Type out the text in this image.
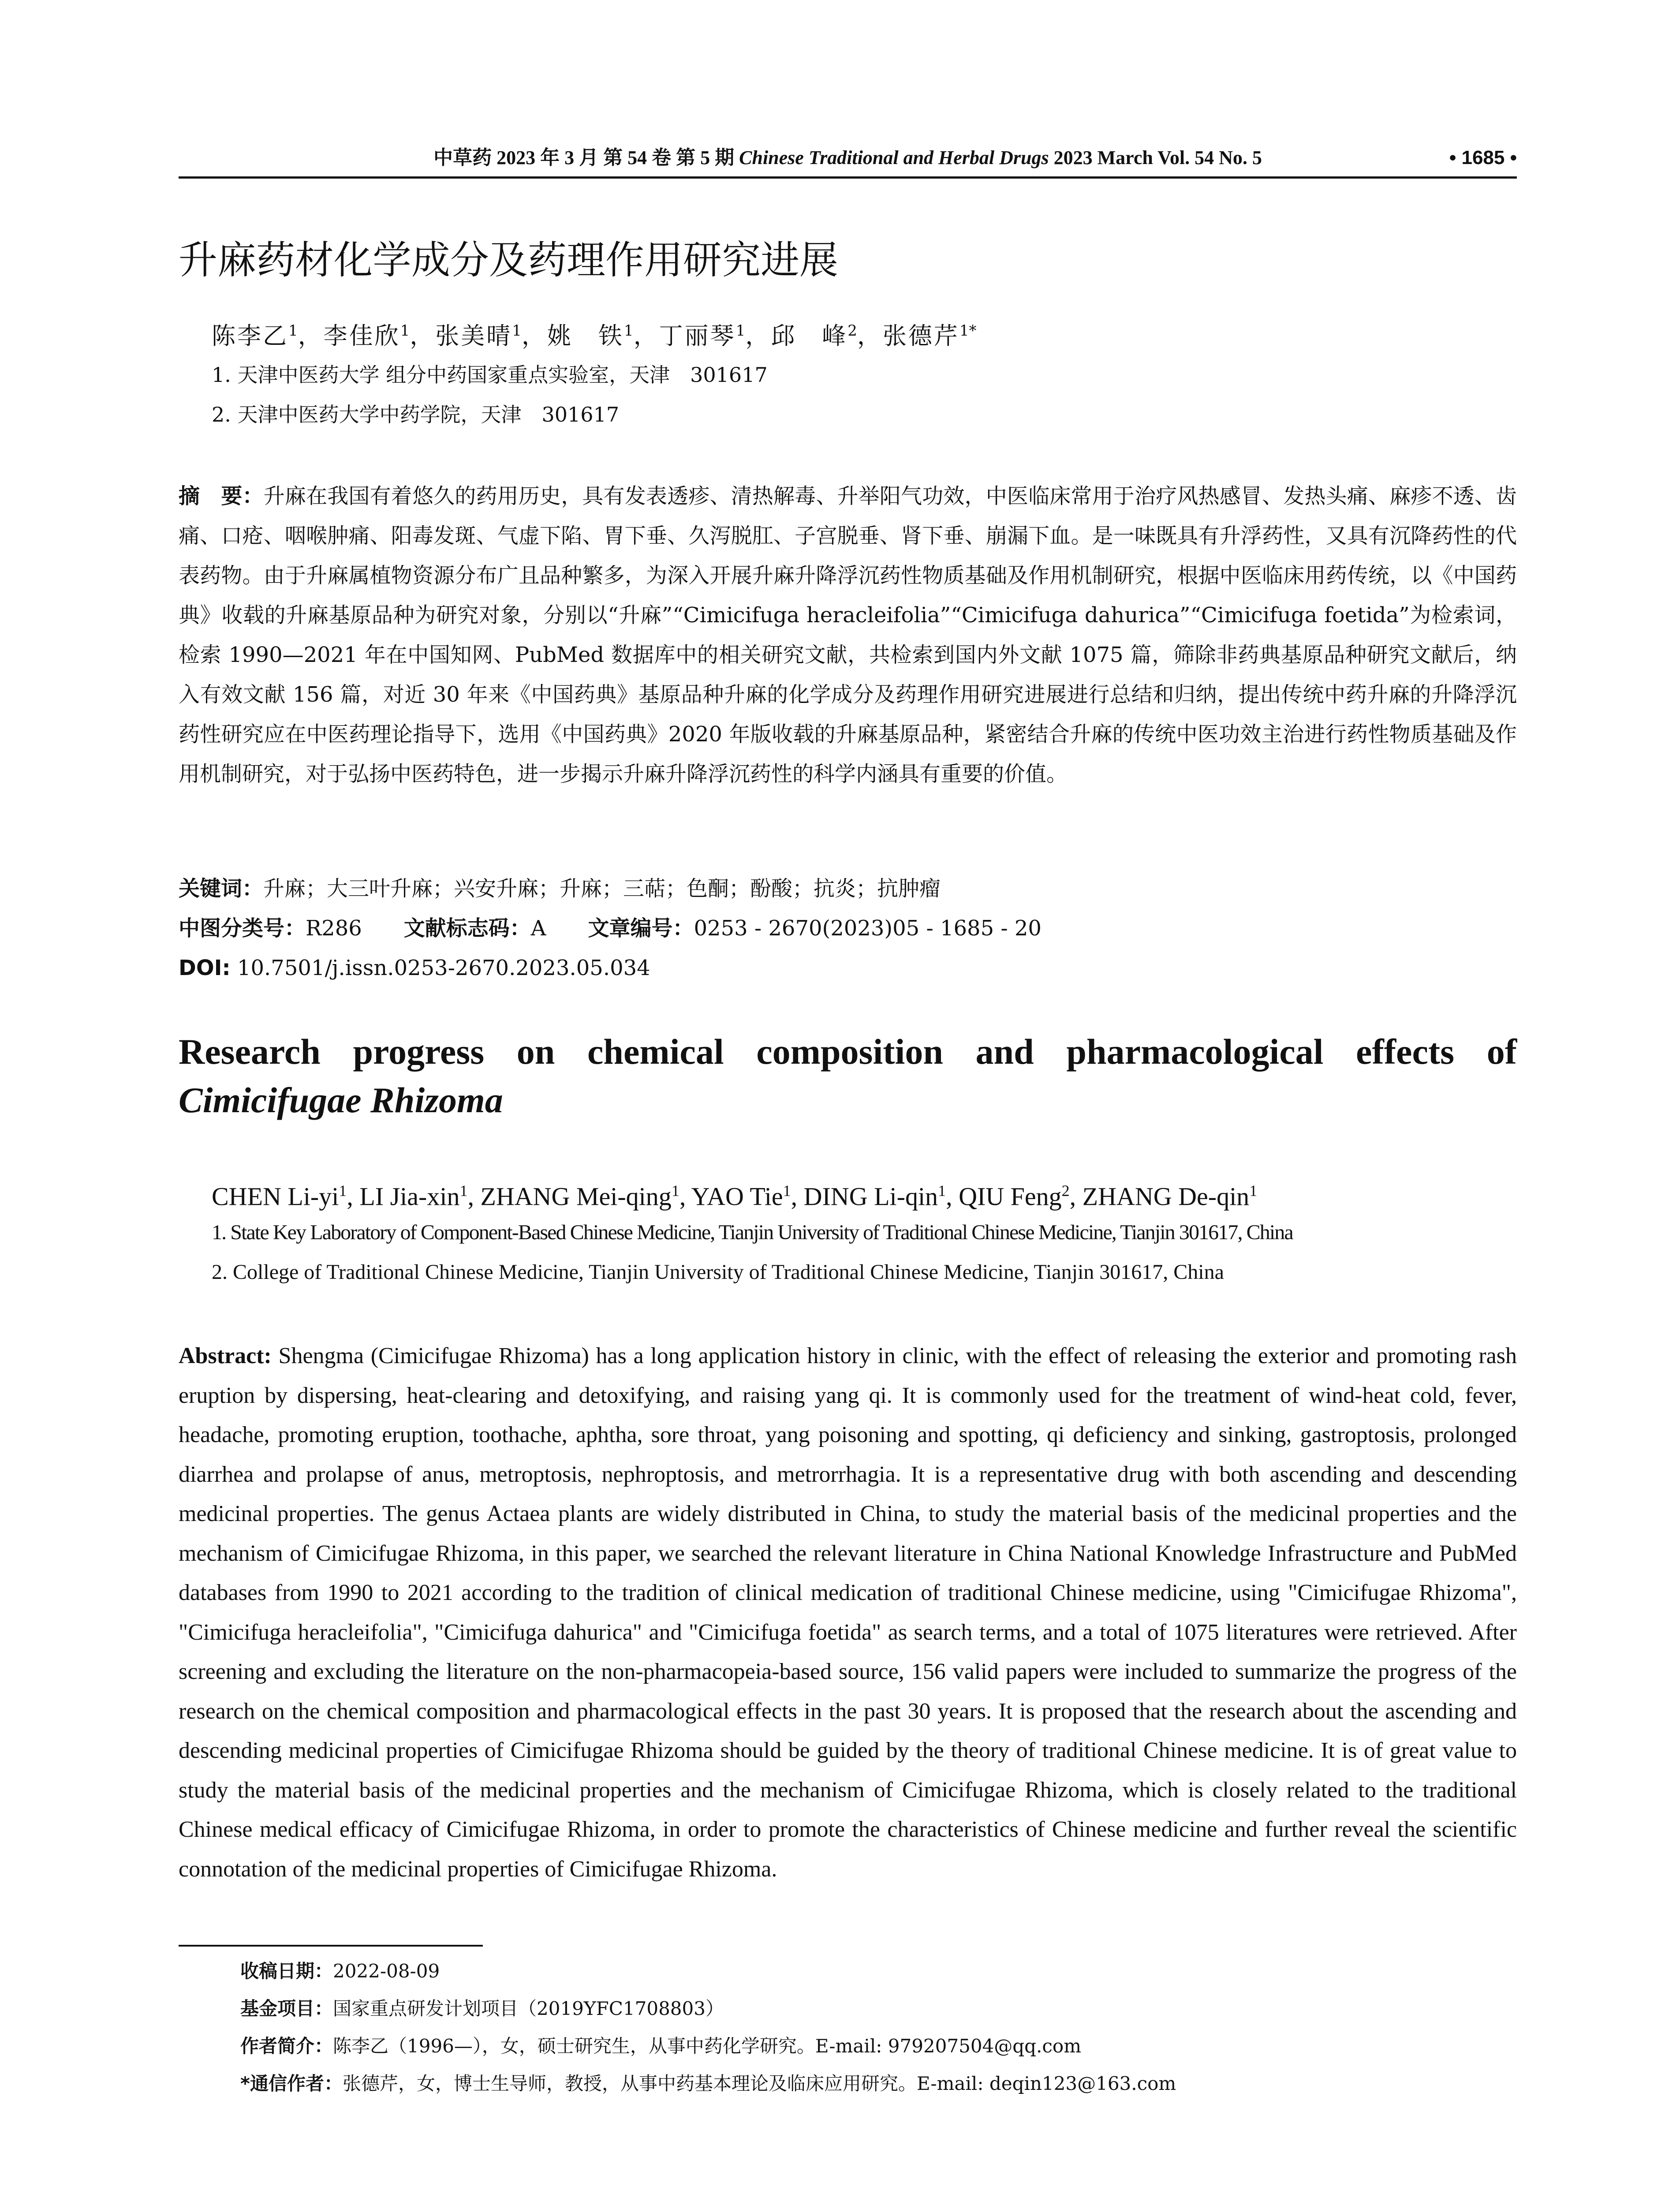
中草药 2023 年 3 月 第 54 卷 第 5 期 Chinese Traditional and Herbal Drugs 2023 March Vol. 54 No. 5	• 1685 •
升麻药材化学成分及药理作用研究进展
陈李乙$^1$，李佳欣$^1$，张美晴$^1$，姚　铁$^1$，丁丽琴$^1$，邱　峰$^2$，张德芹$^{1*}$
1. 天津中医药大学 组分中药国家重点实验室，天津　301617
2. 天津中医药大学中药学院，天津　301617
摘　要：升麻在我国有着悠久的药用历史，具有发表透疹、清热解毒、升举阳气功效，中医临床常用于治疗风热感冒、发热头痛、麻疹不透、齿痛、口疮、咽喉肿痛、阳毒发斑、气虚下陷、胃下垂、久泻脱肛、子宫脱垂、肾下垂、崩漏下血。是一味既具有升浮药性，又具有沉降药性的代表药物。由于升麻属植物资源分布广且品种繁多，为深入开展升麻升降浮沉药性物质基础及作用机制研究，根据中医临床用药传统，以《中国药典》收载的升麻基原品种为研究对象，分别以“升麻”“Cimicifuga heracleifolia”“Cimicifuga dahurica”“Cimicifuga foetida”为检索词，检索 1990—2021 年在中国知网、PubMed 数据库中的相关研究文献，共检索到国内外文献 1075 篇，筛除非药典基原品种研究文献后，纳入有效文献 156 篇，对近 30 年来《中国药典》基原品种升麻的化学成分及药理作用研究进展进行总结和归纳，提出传统中药升麻的升降浮沉药性研究应在中医药理论指导下，选用《中国药典》2020 年版收载的升麻基原品种，紧密结合升麻的传统中医功效主治进行药性物质基础及作用机制研究，对于弘扬中医药特色，进一步揭示升麻升降浮沉药性的科学内涵具有重要的价值。
关键词：升麻；大三叶升麻；兴安升麻；升麻；三萜；色酮；酚酸；抗炎；抗肿瘤
中图分类号：R286 文献标志码：A 文章编号：0253 - 2670(2023)05 - 1685 - 20
DOI: 10.7501/j.issn.0253-2670.2023.05.034
Research progress on chemical composition and pharmacological effects of
Cimicifugae Rhizoma
CHEN $Li-yi^1$, LI Jia-xin$^1$, ZHANG Mei-qing$^1$, YAO Tie$^1$, DING Li-qin$^1$, QIU Feng$^2$, ZHANG De-qin$^1$
1. State Key Laboratory of Component-Based Chinese Medicine, Tianjin University of Traditional Chinese Medicine, Tianjin 301617, China
2. College of Traditional Chinese Medicine, Tianjin University of Traditional Chinese Medicine, Tianjin 301617, China
Abstract: Shengma (Cimicifugae Rhizoma) has a long application history in clinic, with the effect of releasing the exterior and promoting rash eruption by dispersing, heat-clearing and detoxifying, and raising yang qi. It is commonly used for the treatment of wind-heat cold, fever, headache, promoting eruption, toothache, aphtha, sore throat, yang poisoning and spotting, qi deficiency and sinking, gastroptosis, prolonged diarrhea and prolapse of anus, metroptosis, nephroptosis, and metrorrhagia. It is a representative drug with both ascending and descending medicinal properties. The genus Actaea plants are widely distributed in China, to study the material basis of the medicinal properties and the mechanism of Cimicifugae Rhizoma, in this paper, we searched the relevant literature in China National Knowledge Infrastructure and PubMed databases from 1990 to 2021 according to the tradition of clinical medication of traditional Chinese medicine, using "Cimicifugae Rhizoma", "Cimicifuga heracleifolia", "Cimicifuga dahurica" and "Cimicifuga foetida" as search terms, and a total of 1075 literatures were retrieved. After screening and excluding the literature on the non-pharmacopeia-based source, 156 valid papers were included to summarize the progress of the research on the chemical composition and pharmacological effects in the past 30 years. It is proposed that the research about the ascending and descending medicinal properties of Cimicifugae Rhizoma should be guided by the theory of traditional Chinese medicine. It is of great value to study the material basis of the medicinal properties and the mechanism of Cimicifugae Rhizoma, which is closely related to the traditional Chinese medical efficacy of Cimicifugae Rhizoma, in order to promote the characteristics of Chinese medicine and further reveal the scientific connotation of the medicinal properties of Cimicifugae Rhizoma.
收稿日期：2022-08-09
基金项目：国家重点研发计划项目（2019YFC1708803）
作者简介：陈李乙（1996—），女，硕士研究生，从事中药化学研究。E-mail: 979207504@qq.com
*通信作者：张德芹，女，博士生导师，教授，从事中药基本理论及临床应用研究。E-mail: deqin123@163.com
